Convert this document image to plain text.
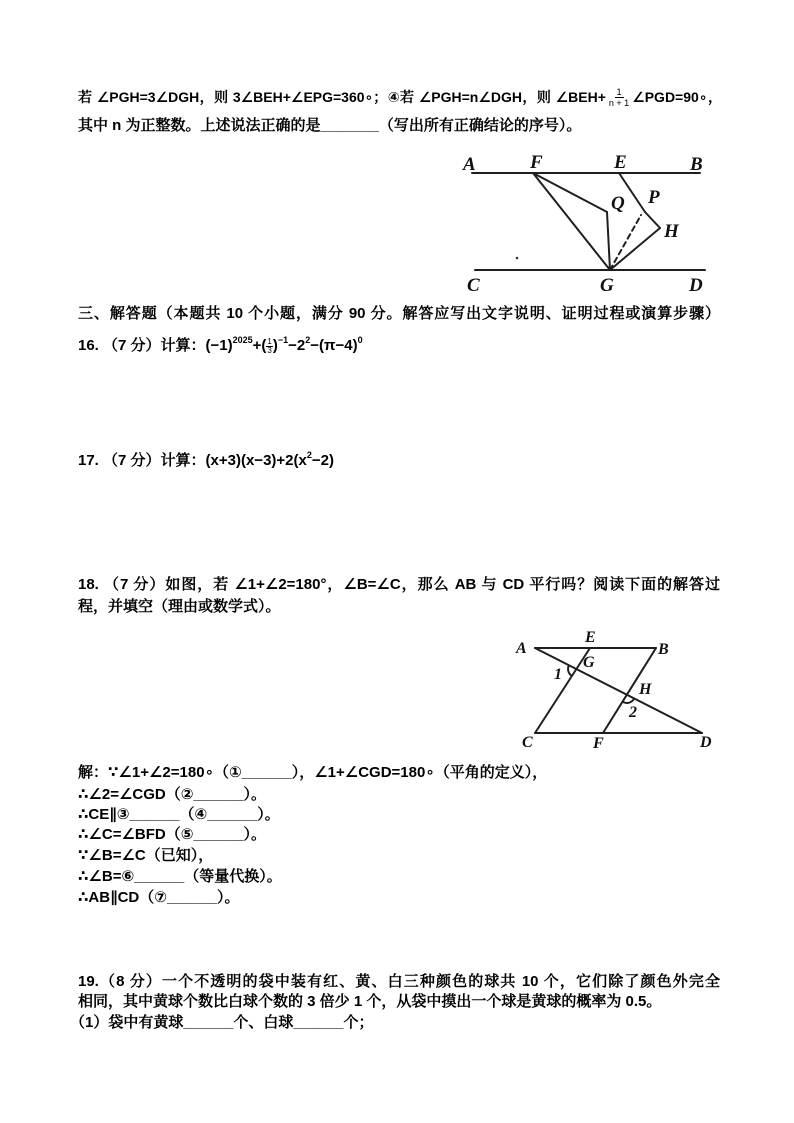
若 ∠PGH=3∠DGH，则 3∠BEH+∠EPG=360∘；④若 ∠PGH=n∠DGH，则 ∠BEH+ $\frac{1}{n + 1}$ ∠PGD=90∘，
其中 n 为正整数。上述说法正确的是_______（写出所有正确结论的序号）。
A	F	E	B
Q P
H
C	G	D
三、解答题（本题共 10 个小题，满分 90 分。解答应写出文字说明、证明过程或演算步骤）
16. （7 分）计算：$(-1)^{2025}+( \frac{1}{3} )^{-1}-2^2-(\pi-4)^0$
17. （7 分）计算：$(x+3)(x-3)+2(x^2-2)$
18. （7 分）如图，若 ∠1+∠2=180°，∠B=∠C，那么 AB 与 CD 平行吗？阅读下面的解答过
程，并填空（理由或数学式）。
A
E
B
G
H
C	F	D
1
2
解：∵∠1+∠2=180∘（①______），∠1+∠CGD=180∘（平角的定义），
∴∠2=∠CGD（②______）。
∴CE∥③______（④______）。
∴∠C=∠BFD（⑤______）。
∵∠B=∠C（已知），
∴∠B=⑥______（等量代换）。
∴AB∥CD（⑦______）。
19.（8 分）一个不透明的袋中装有红、黄、白三种颜色的球共 10 个，它们除了颜色外完全
相同，其中黄球个数比白球个数的 3 倍少 1 个，从袋中摸出一个球是黄球的概率为 0.5。
（1）袋中有黄球______个、白球______个；
